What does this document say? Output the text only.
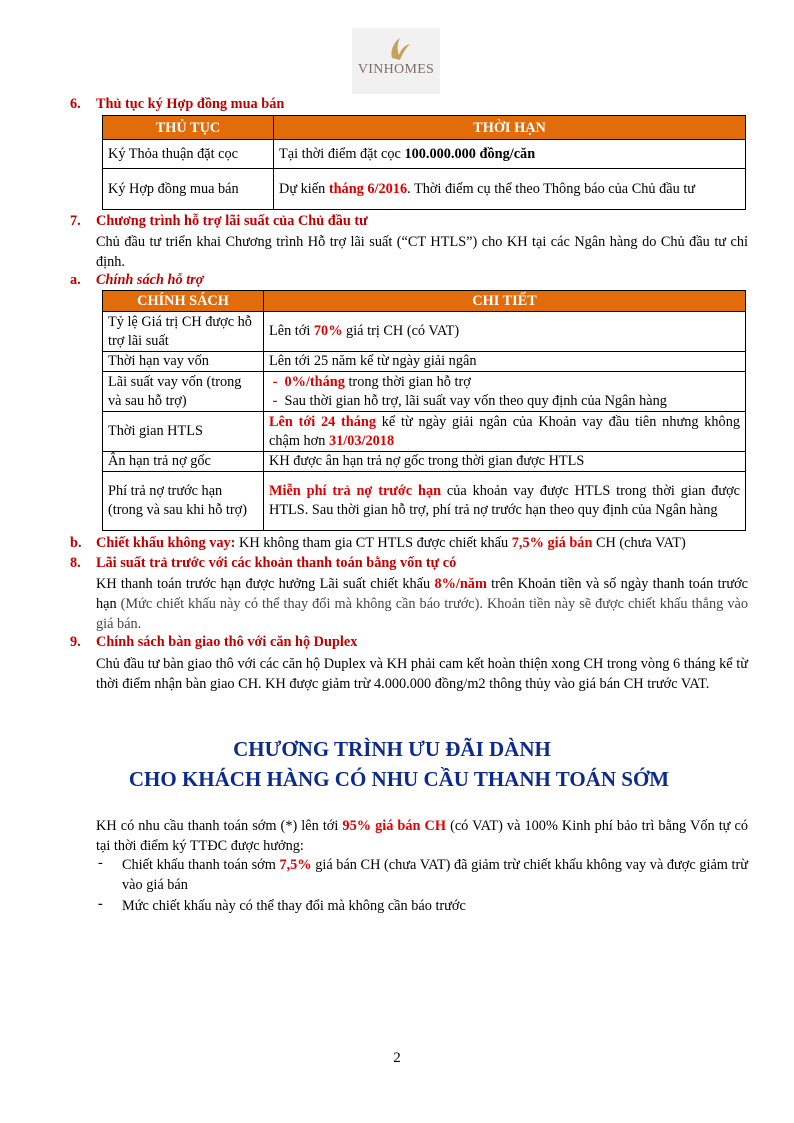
VINHOMES
6. Thủ tục ký Hợp đồng mua bán
THỦ TỤC	THỜI HẠN
Ký Thỏa thuận đặt cọc	Tại thời điểm đặt cọc 100.000.000 đồng/căn
Ký Hợp đồng mua bán	Dự kiến tháng 6/2016. Thời điểm cụ thể theo Thông báo của Chủ đầu tư
7. Chương trình hỗ trợ lãi suất của Chủ đầu tư
Chủ đầu tư triển khai Chương trình Hỗ trợ lãi suất (“CT HTLS”) cho KH tại các Ngân hàng do Chủ đầu tư chỉ định.
a. Chính sách hỗ trợ
CHÍNH SÁCH	CHI TIẾT
Tỷ lệ Giá trị CH được hỗ trợ lãi suất	Lên tới 70% giá trị CH (có VAT)
Thời hạn vay vốn	Lên tới 25 năm kể từ ngày giải ngân
Lãi suất vay vốn (trong và sau hỗ trợ)	- 0%/tháng trong thời gian hỗ trợ
- Sau thời gian hỗ trợ, lãi suất vay vốn theo quy định của Ngân hàng

Thời gian HTLS	Lên tới 24 tháng kể từ ngày giải ngân của Khoản vay đầu tiên nhưng không chậm hơn 31/03/2018
Ân hạn trả nợ gốc	KH được ân hạn trả nợ gốc trong thời gian được HTLS
Phí trả nợ trước hạn (trong và sau khi hỗ trợ)	Miễn phí trả nợ trước hạn của khoản vay được HTLS trong thời gian được HTLS. Sau thời gian hỗ trợ, phí trả nợ trước hạn theo quy định của Ngân hàng
b. Chiết khấu không vay: KH không tham gia CT HTLS được chiết khấu 7,5% giá bán CH (chưa VAT)
8. Lãi suất trả trước với các khoản thanh toán bằng vốn tự có
KH thanh toán trước hạn được hưởng Lãi suất chiết khấu 8%/năm trên Khoản tiền và số ngày thanh toán trước hạn (Mức chiết khấu này có thể thay đổi mà không cần báo trước). Khoản tiền này sẽ được chiết khấu thẳng vào giá bán.
9. Chính sách bàn giao thô với căn hộ Duplex
Chủ đầu tư bàn giao thô với các căn hộ Duplex và KH phải cam kết hoàn thiện xong CH trong vòng 6 tháng kể từ thời điểm nhận bàn giao CH. KH được giảm trừ 4.000.000 đồng/m2 thông thủy vào giá bán CH trước VAT.
CHƯƠNG TRÌNH ƯU ĐÃI DÀNH
CHO KHÁCH HÀNG CÓ NHU CẦU THANH TOÁN SỚM
KH có nhu cầu thanh toán sớm (*) lên tới 95% giá bán CH (có VAT) và 100% Kinh phí bảo trì bằng Vốn tự có tại thời điểm ký TTĐC được hưởng:
- Chiết khấu thanh toán sớm 7,5% giá bán CH (chưa VAT) đã giảm trừ chiết khấu không vay và được giảm trừ vào giá bán
- Mức chiết khấu này có thể thay đổi mà không cần báo trước
2
